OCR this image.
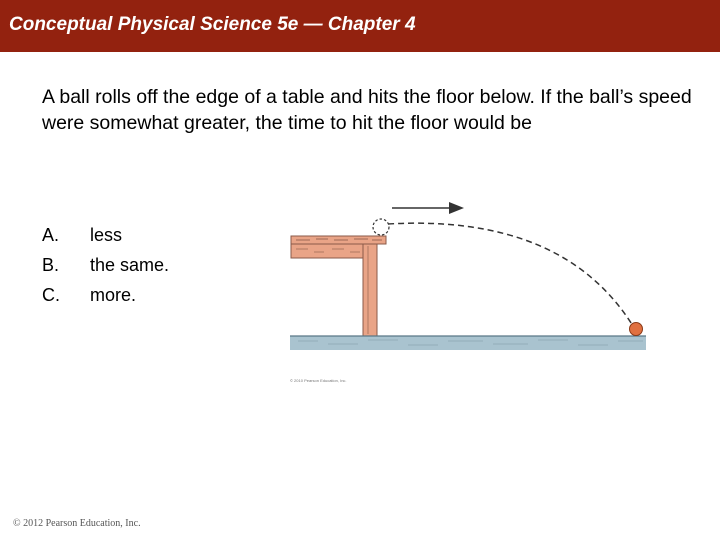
Conceptual Physical Science 5e — Chapter 4
A ball rolls off the edge of a table and hits the floor below. If the ball’s speed were somewhat greater, the time to hit the floor would be
A.	less
B.	the same.
C.	more.
© 2010 Pearson Education, Inc.
© 2012 Pearson Education, Inc.
